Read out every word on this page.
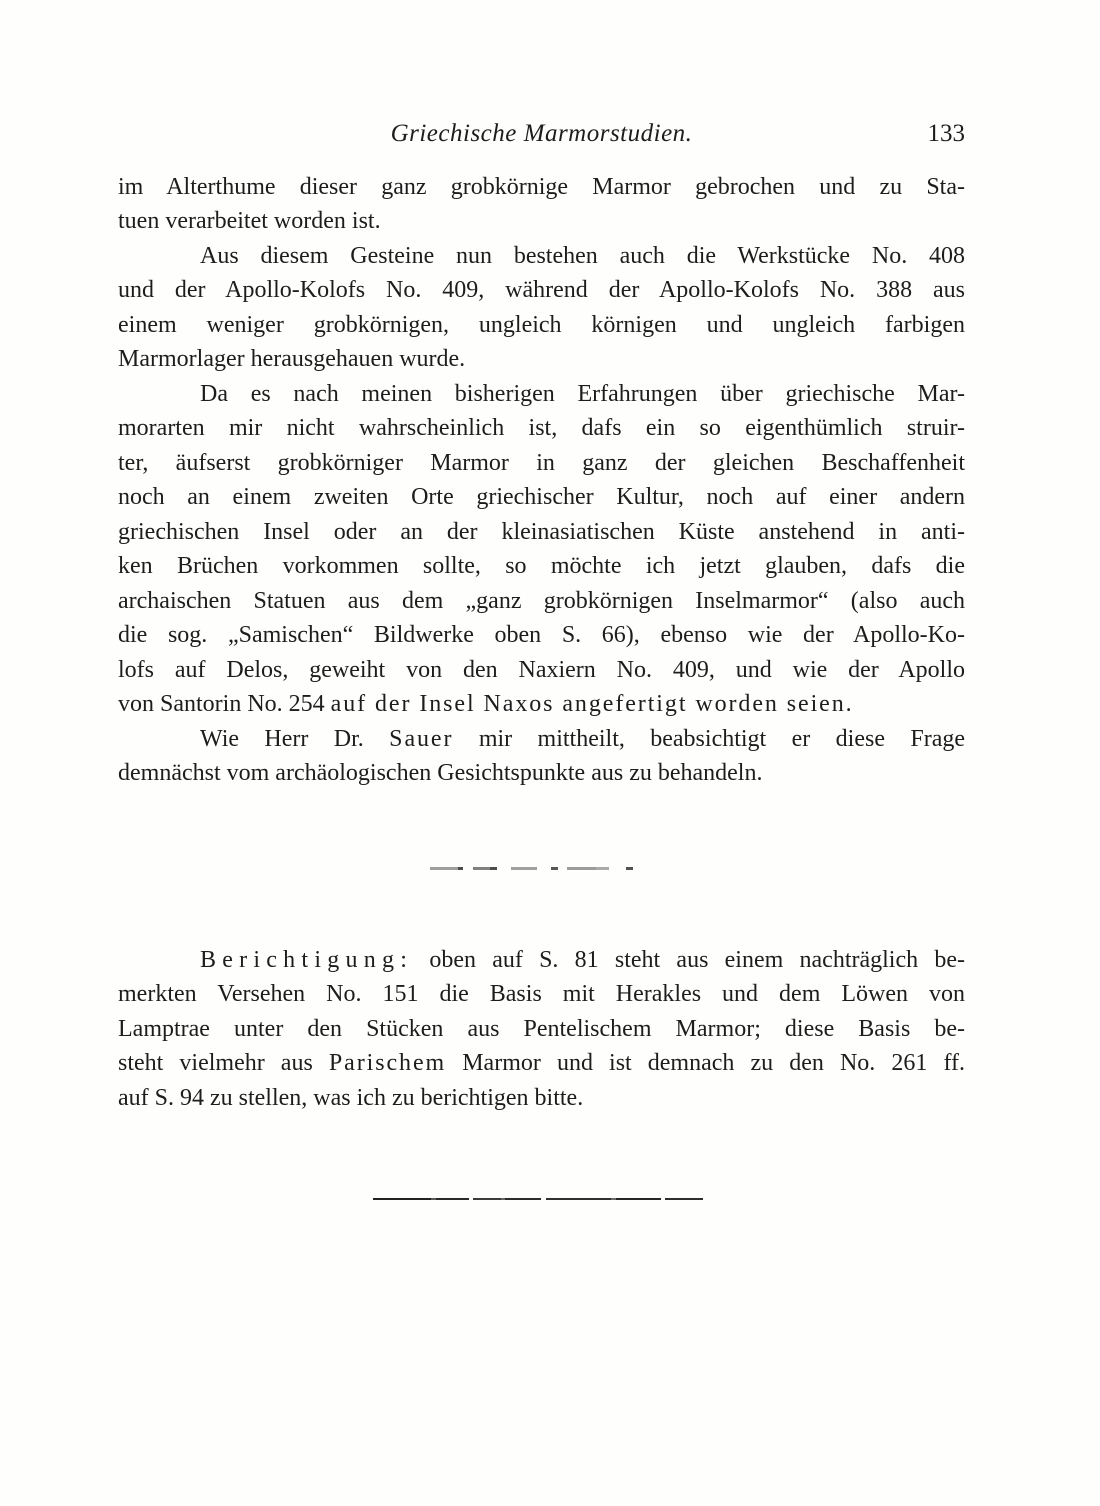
Griechische Marmorstudien.	133
im Alterthume dieser ganz grobkörnige Marmor gebrochen und zu Sta-
tuen verarbeitet worden ist.
Aus diesem Gesteine nun bestehen auch die Werkstücke No. 408
und der Apollo-Kolofs No. 409, während der Apollo-Kolofs No. 388 aus
einem weniger grobkörnigen, ungleich körnigen und ungleich farbigen
Marmorlager herausgehauen wurde.
Da es nach meinen bisherigen Erfahrungen über griechische Mar-
morarten mir nicht wahrscheinlich ist, dafs ein so eigenthümlich struir-
ter, äufserst grobkörniger Marmor in ganz der gleichen Beschaffenheit
noch an einem zweiten Orte griechischer Kultur, noch auf einer andern
griechischen Insel oder an der kleinasiatischen Küste anstehend in anti-
ken Brüchen vorkommen sollte, so möchte ich jetzt glauben, dafs die
archaischen Statuen aus dem „ganz grobkörnigen Inselmarmor“ (also auch
die sog. „Samischen“ Bildwerke oben S. 66), ebenso wie der Apollo-Ko-
lofs auf Delos, geweiht von den Naxiern No. 409, und wie der Apollo
von Santorin No. 254 auf der Insel Naxos angefertigt worden seien.
Wie Herr Dr. Sauer mir mittheilt, beabsichtigt er diese Frage
demnächst vom archäologischen Gesichtspunkte aus zu behandeln.
Berichtigung: oben auf S. 81 steht aus einem nachträglich be-
merkten Versehen No. 151 die Basis mit Herakles und dem Löwen von
Lamptrae unter den Stücken aus Pentelischem Marmor; diese Basis be-
steht vielmehr aus Parischem Marmor und ist demnach zu den No. 261 ff.
auf S. 94 zu stellen, was ich zu berichtigen bitte.
